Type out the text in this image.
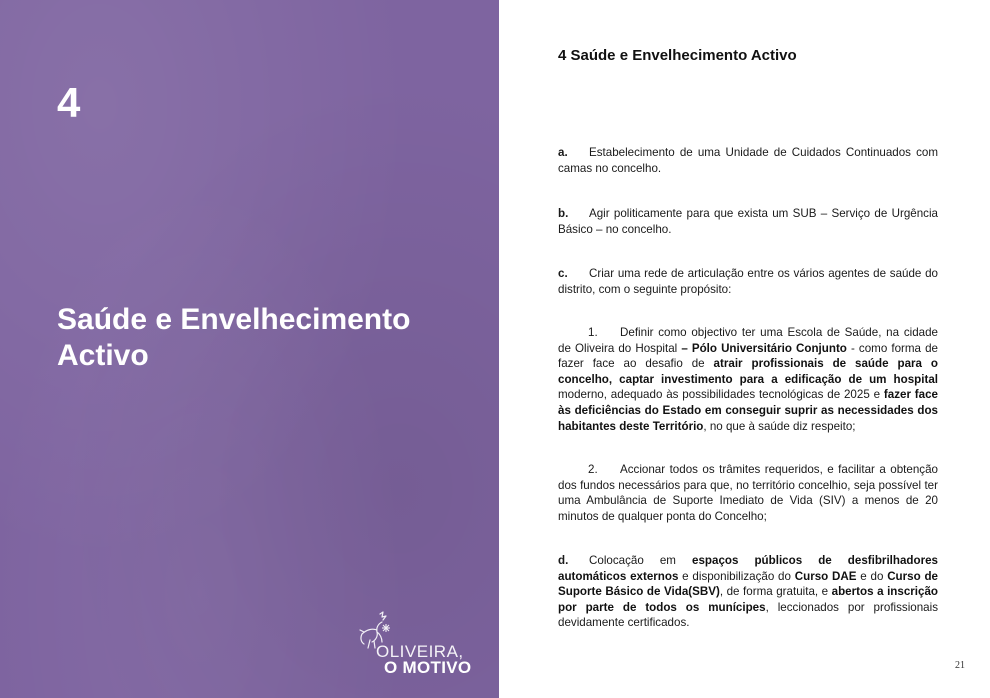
4
Saúde e Envelhecimento Activo
OLIVEIRA,
O MOTIVO
4 Saúde e Envelhecimento Activo

a. Estabelecimento de uma Unidade de Cuidados Continuados com camas no concelho.

b. Agir politicamente para que exista um SUB – Serviço de Urgência Básico – no concelho.

c. Criar uma rede de articulação entre os vários agentes de saúde do distrito, com o seguinte propósito:

1. Definir como objectivo ter uma Escola de Saúde, na cidade de Oliveira do Hospital – Pólo Universitário Conjunto - como forma de fazer face ao desafio de atrair profissionais de saúde para o concelho, captar investimento para a edificação de um hospital moderno, adequado às possibilidades tecnológicas de 2025 e fazer face às deficiências do Estado em conseguir suprir as necessidades dos habitantes deste Território, no que à saúde diz respeito;

2. Accionar todos os trâmites requeridos, e facilitar a obtenção dos fundos necessários para que, no território concelhio, seja possível ter uma Ambulância de Suporte Imediato de Vida (SIV) a menos de 20 minutos de qualquer ponta do Concelho;

d. Colocação em espaços públicos de desfibrilhadores automáticos externos e disponibilização do Curso DAE e do Curso de Suporte Básico de Vida(SBV), de forma gratuita, e abertos a inscrição por parte de todos os munícipes, leccionados por profissionais devidamente certificados.

21
